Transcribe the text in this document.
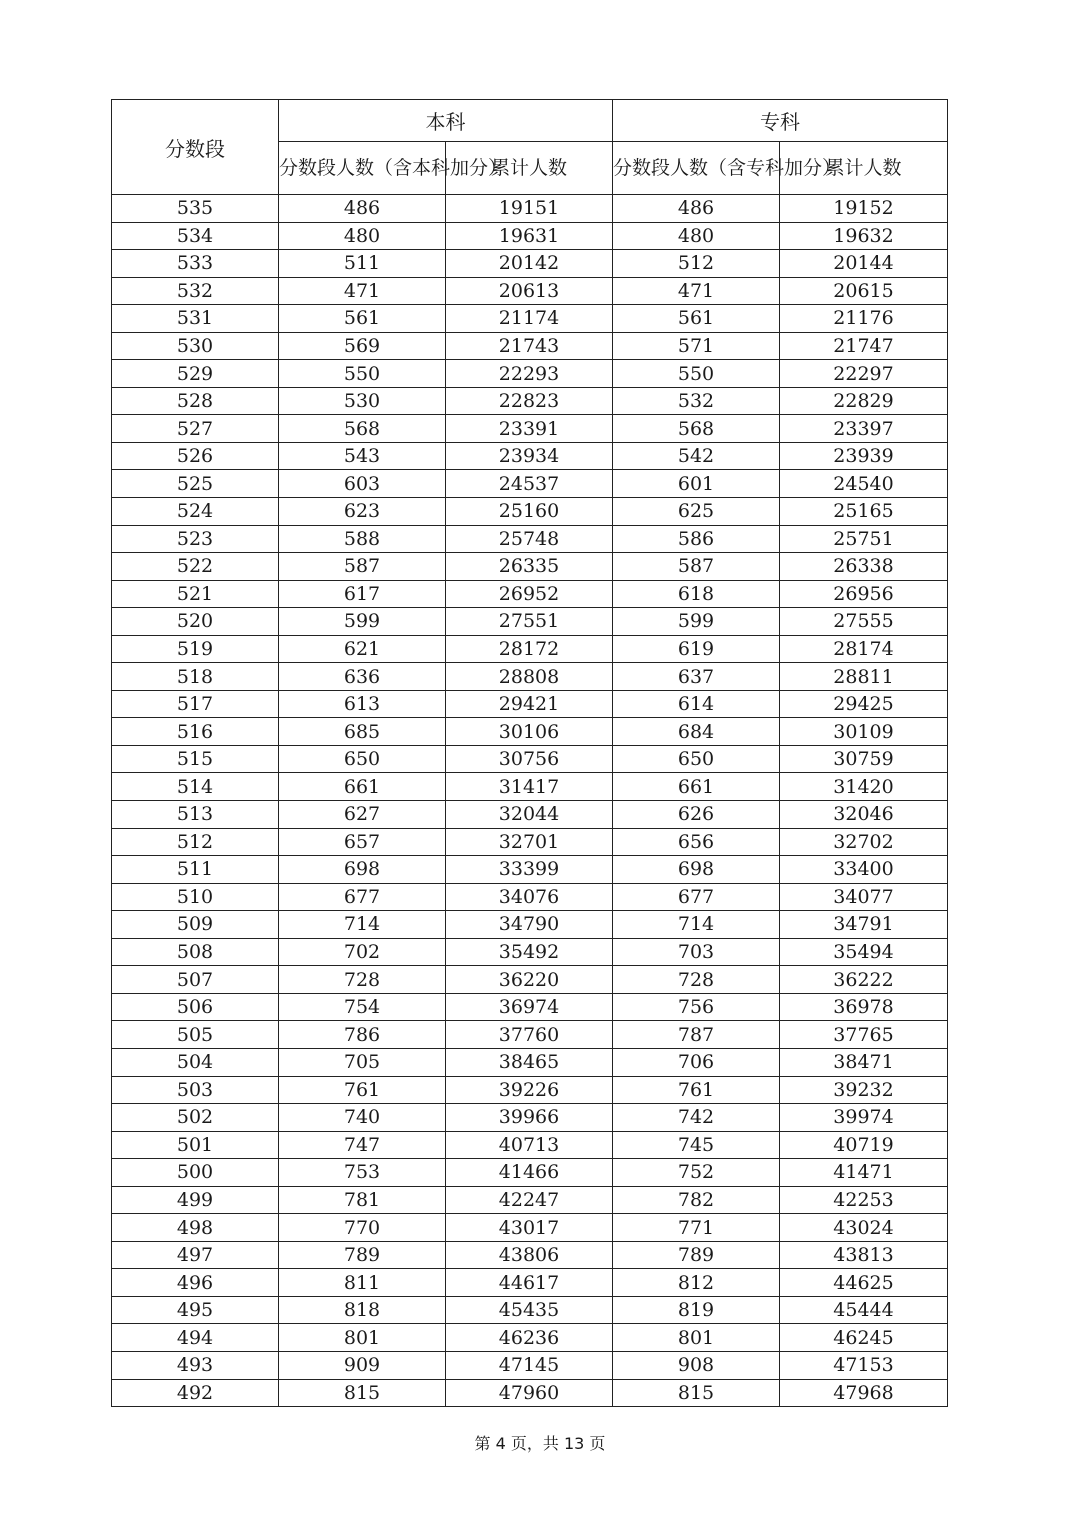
分数段	本科		专科	
	分数段人数（含本科加分）	累计人数	分数段人数（含专科加分）	累计人数
535	486	19151	486	19152
534	480	19631	480	19632
533	511	20142	512	20144
532	471	20613	471	20615
531	561	21174	561	21176
530	569	21743	571	21747
529	550	22293	550	22297
528	530	22823	532	22829
527	568	23391	568	23397
526	543	23934	542	23939
525	603	24537	601	24540
524	623	25160	625	25165
523	588	25748	586	25751
522	587	26335	587	26338
521	617	26952	618	26956
520	599	27551	599	27555
519	621	28172	619	28174
518	636	28808	637	28811
517	613	29421	614	29425
516	685	30106	684	30109
515	650	30756	650	30759
514	661	31417	661	31420
513	627	32044	626	32046
512	657	32701	656	32702
511	698	33399	698	33400
510	677	34076	677	34077
509	714	34790	714	34791
508	702	35492	703	35494
507	728	36220	728	36222
506	754	36974	756	36978
505	786	37760	787	37765
504	705	38465	706	38471
503	761	39226	761	39232
502	740	39966	742	39974
501	747	40713	745	40719
500	753	41466	752	41471
499	781	42247	782	42253
498	770	43017	771	43024
497	789	43806	789	43813
496	811	44617	812	44625
495	818	45435	819	45444
494	801	46236	801	46245
493	909	47145	908	47153
492	815	47960	815	47968
第 4 页，共 13 页
